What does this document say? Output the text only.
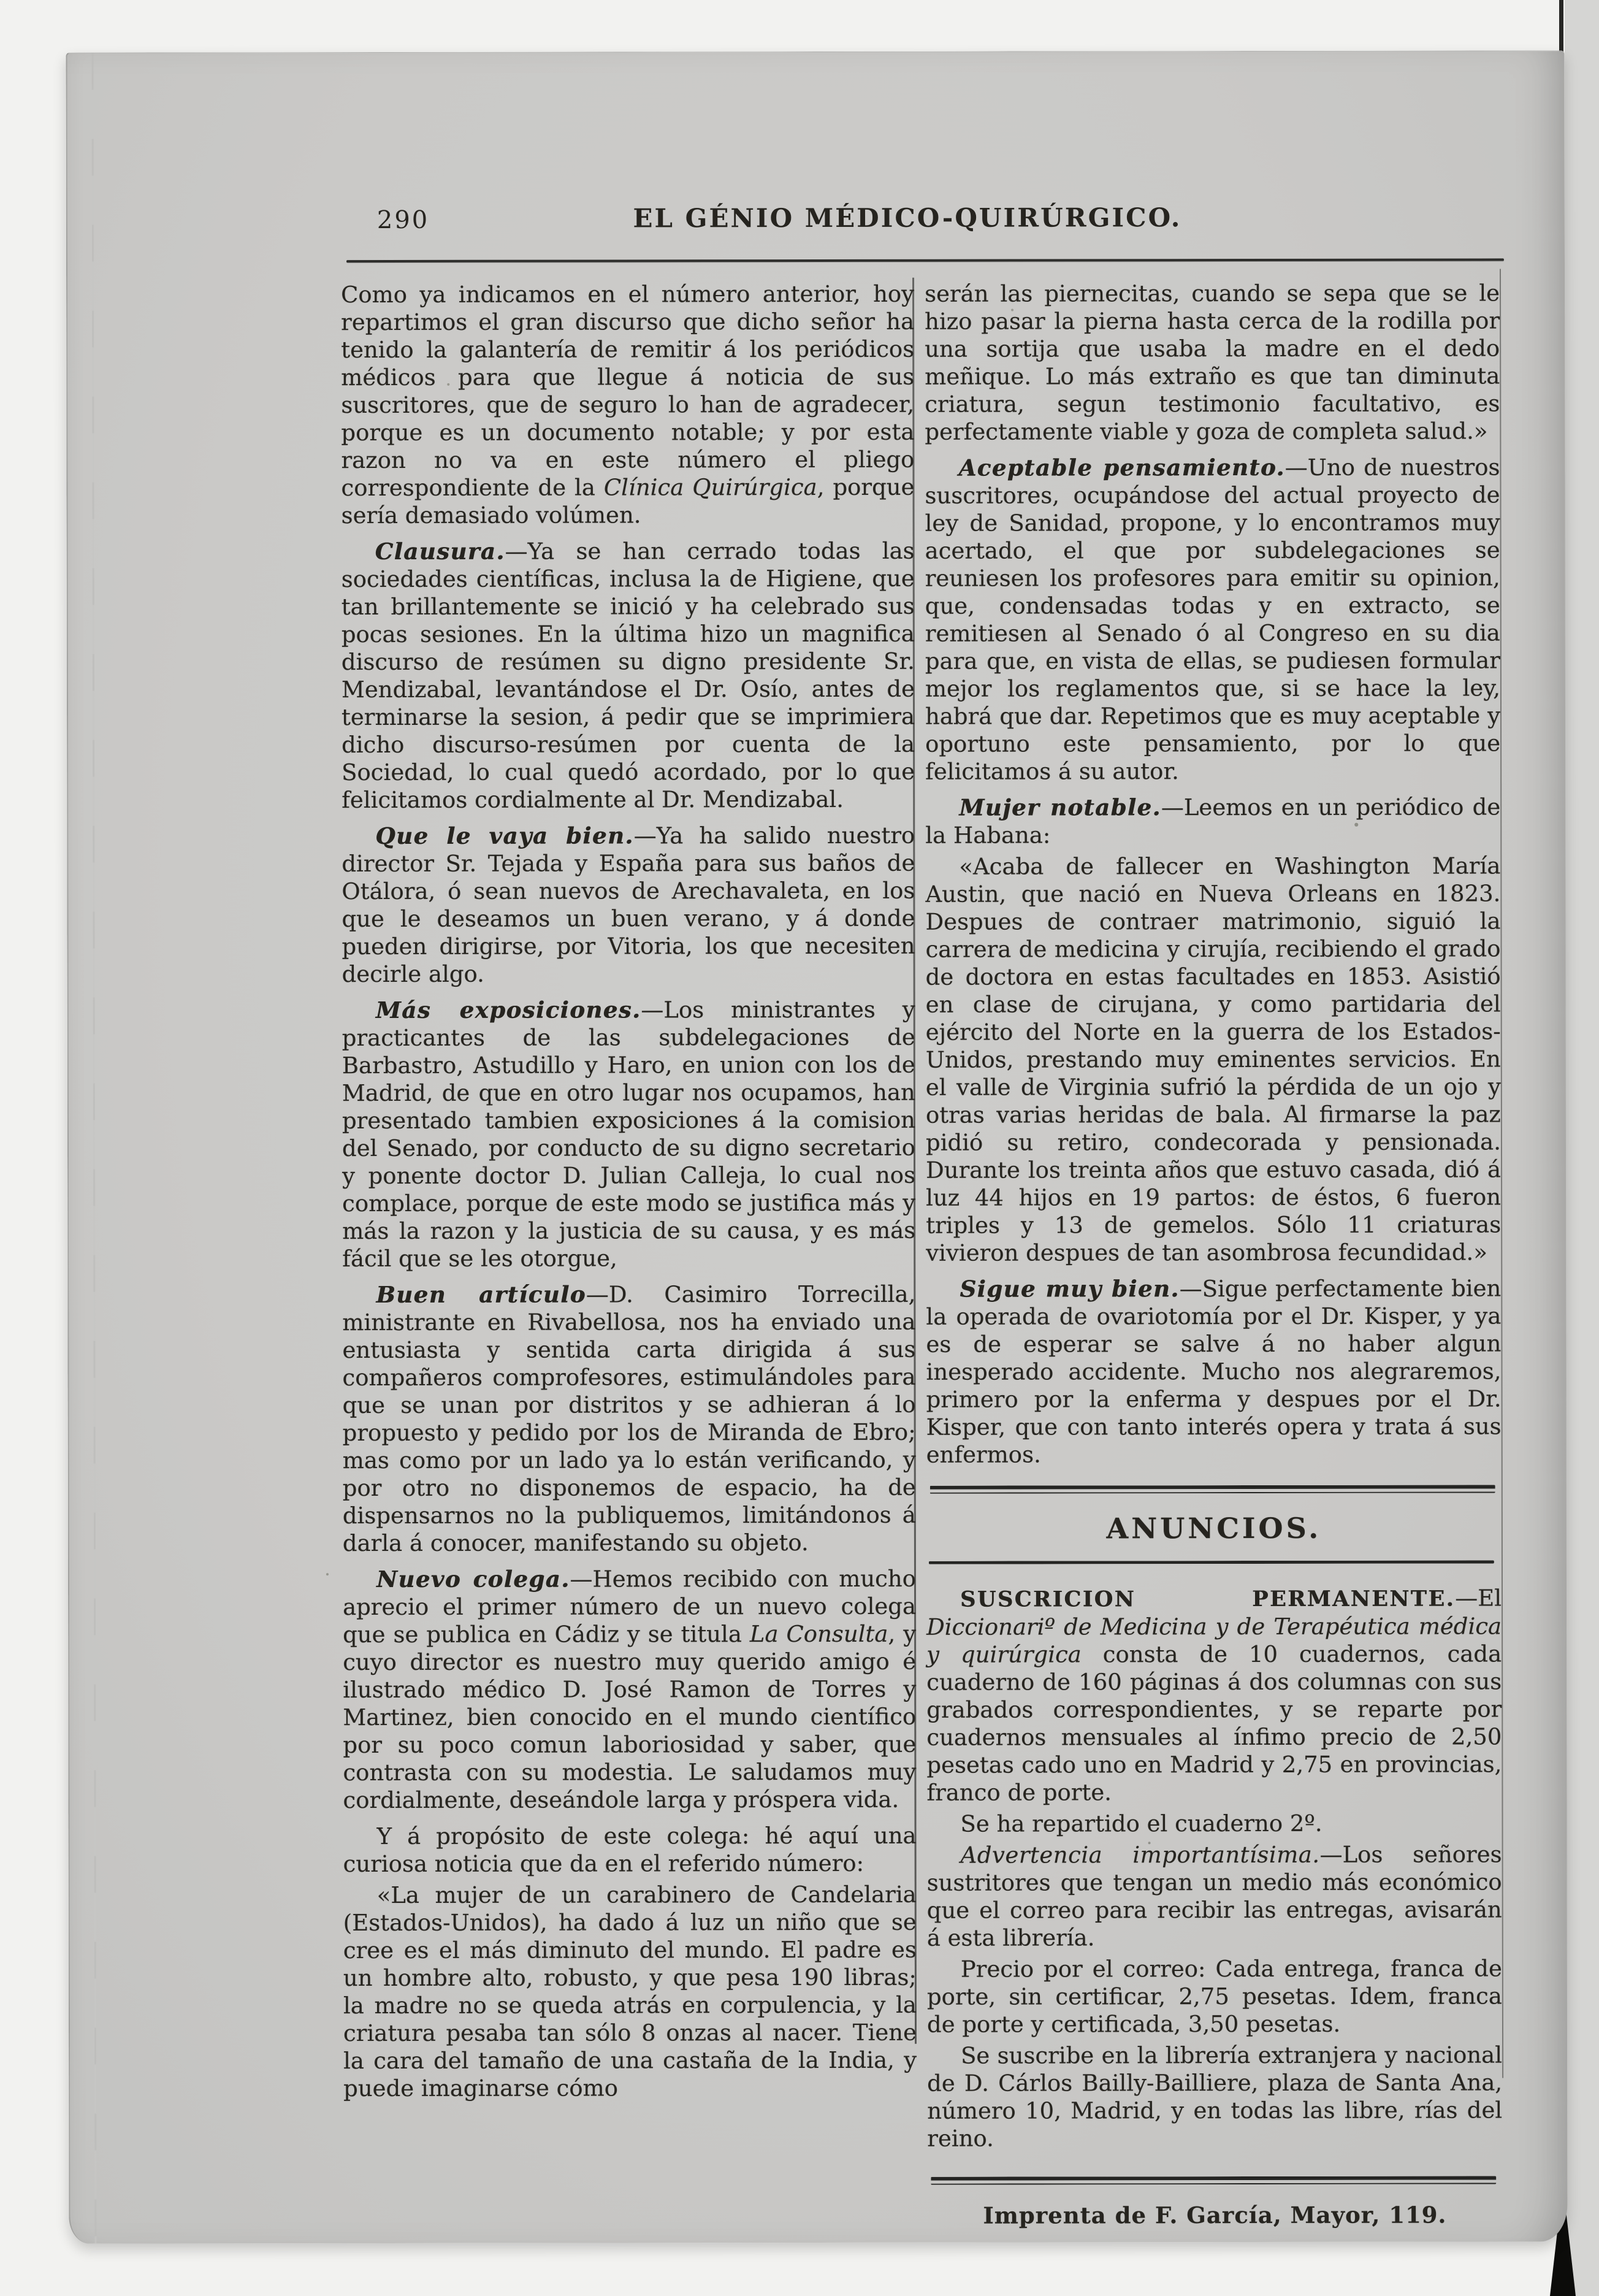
290	EL GÉNIO MÉDICO-QUIRÚRGICO.

Como ya indicamos en el número anterior, hoy repartimos el gran discurso que dicho señor ha tenido la galantería de remitir á los periódicos médicos para que llegue á noticia de sus suscritores, que de seguro lo han de agradecer, porque es un documento notable; y por esta razon no va en este número el pliego correspondiente de la Clínica Quirúrgica, porque sería demasiado volúmen.

Clausura.—Ya se han cerrado todas las sociedades científicas, inclusa la de Higiene, que tan brillantemente se inició y ha celebrado sus pocas sesiones. En la última hizo un magnifica discurso de resúmen su digno presidente Sr. Mendizabal, levantándose el Dr. Osío, antes de terminarse la sesion, á pedir que se imprimiera dicho discurso-resúmen por cuenta de la Sociedad, lo cual quedó acordado, por lo que felicitamos cordialmente al Dr. Mendizabal.

Que le vaya bien.—Ya ha salido nuestro director Sr. Tejada y España para sus baños de Otálora, ó sean nuevos de Arechavaleta, en los que le deseamos un buen verano, y á donde pueden dirigirse, por Vitoria, los que necesiten decirle algo.

Más exposiciones.—Los ministrantes y practicantes de las subdelegaciones de Barbastro, Astudillo y Haro, en union con los de Madrid, de que en otro lugar nos ocupamos, han presentado tambien exposiciones á la comision del Senado, por conducto de su digno secretario y ponente doctor D. Julian Calleja, lo cual nos complace, porque de este modo se justifica más y más la razon y la justicia de su causa, y es más fácil que se les otorgue,

Buen artículo—D. Casimiro Torrecilla, ministrante en Rivabellosa, nos ha enviado una entusiasta y sentida carta dirigida á sus compañeros comprofesores, estimulándoles para que se unan por distritos y se adhieran á lo propuesto y pedido por los de Miranda de Ebro; mas como por un lado ya lo están verificando, y por otro no disponemos de espacio, ha de dispensarnos no la publiquemos, limitándonos á darla á conocer, manifestando su objeto.

Nuevo colega.—Hemos recibido con mucho aprecio el primer número de un nuevo colega que se publica en Cádiz y se titula La Consulta, y cuyo director es nuestro muy querido amigo é ilustrado médico D. José Ramon de Torres y Martinez, bien conocido en el mundo científico por su poco comun laboriosidad y saber, que contrasta con su modestia. Le saludamos muy cordialmente, deseándole larga y próspera vida.

Y á propósito de este colega: hé aquí una curiosa noticia que da en el referido número:

«La mujer de un carabinero de Candelaria (Estados-Unidos), ha dado á luz un niño que se cree es el más diminuto del mundo. El padre es un hombre alto, robusto, y que pesa 190 libras; la madre no se queda atrás en corpulencia, y la criatura pesaba tan sólo 8 onzas al nacer. Tiene la cara del tamaño de una castaña de la India, y puede imaginarse cómo

serán las piernecitas, cuando se sepa que se le hizo pasar la pierna hasta cerca de la rodilla por una sortija que usaba la madre en el dedo meñique. Lo más extraño es que tan diminuta criatura, segun testimonio facultativo, es perfectamente viable y goza de completa salud.»

Aceptable pensamiento.—Uno de nuestros suscritores, ocupándose del actual proyecto de ley de Sanidad, propone, y lo encontramos muy acertado, el que por subdelegaciones se reuniesen los profesores para emitir su opinion, que, condensadas todas y en extracto, se remitiesen al Senado ó al Congreso en su dia para que, en vista de ellas, se pudiesen formular mejor los reglamentos que, si se hace la ley, habrá que dar. Repetimos que es muy aceptable y oportuno este pensamiento, por lo que felicitamos á su autor.

Mujer notable.—Leemos en un periódico de la Habana:

«Acaba de fallecer en Washington María Austin, que nació en Nueva Orleans en 1823. Despues de contraer matrimonio, siguió la carrera de medicina y cirujía, recibiendo el grado de doctora en estas facultades en 1853. Asistió en clase de cirujana, y como partidaria del ejército del Norte en la guerra de los Estados-Unidos, prestando muy eminentes servicios. En el valle de Virginia sufrió la pérdida de un ojo y otras varias heridas de bala. Al firmarse la paz pidió su retiro, condecorada y pensionada. Durante los treinta años que estuvo casada, dió á luz 44 hijos en 19 partos: de éstos, 6 fueron triples y 13 de gemelos. Sólo 11 criaturas vivieron despues de tan asombrosa fecundidad.»

Sigue muy bien.—Sigue perfectamente bien la operada de ovariotomía por el Dr. Kisper, y ya es de esperar se salve á no haber algun inesperado accidente. Mucho nos alegraremos, primero por la enferma y despues por el Dr. Kisper, que con tanto interés opera y trata á sus enfermos.

ANUNCIOS.

SUSCRICION PERMANENTE.—El Diccionariº de Medicina y de Terapéutica médica y quirúrgica consta de 10 cuadernos, cada cuaderno de 160 páginas á dos columnas con sus grabados correspondientes, y se reparte por cuadernos mensuales al ínfimo precio de 2,50 pesetas cado uno en Madrid y 2,75 en provincias, franco de porte.

Se ha repartido el cuaderno 2º.

Advertencia importantísima.—Los señores sustritores que tengan un medio más económico que el correo para recibir las entregas, avisarán á esta librería.

Precio por el correo: Cada entrega, franca de porte, sin certificar, 2,75 pesetas. Idem, franca de porte y certificada, 3,50 pesetas.

Se suscribe en la librería extranjera y nacional de D. Cárlos Bailly-Bailliere, plaza de Santa Ana, número 10, Madrid, y en todas las libre, rías del reino.

Imprenta de F. García, Mayor, 119.
